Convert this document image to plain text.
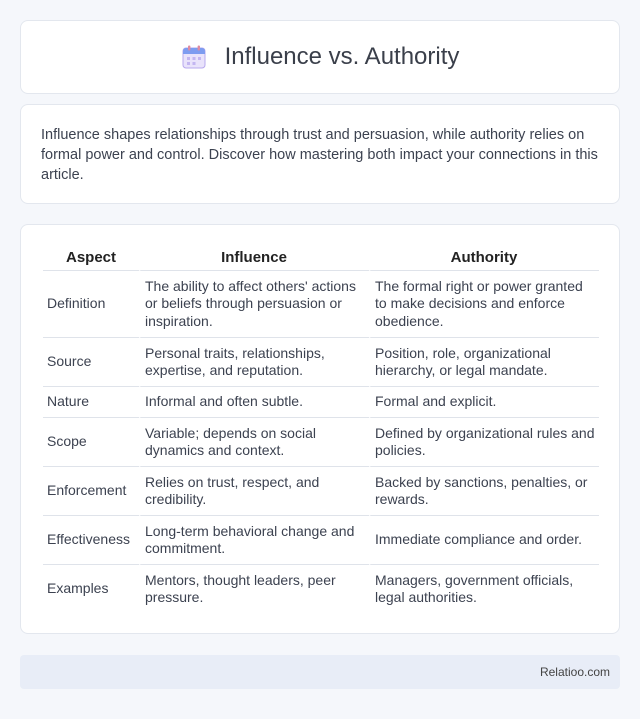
Influence vs. Authority

Influence shapes relationships through trust and persuasion, while authority relies on formal power and control. Discover how mastering both impact your connections in this article.

Aspect	Influence	Authority
Definition	The ability to affect others' actions or beliefs through persuasion or inspiration.	The formal right or power granted to make decisions and enforce obedience.
Source	Personal traits, relationships, expertise, and reputation.	Position, role, organizational hierarchy, or legal mandate.
Nature	Informal and often subtle.	Formal and explicit.
Scope	Variable; depends on social dynamics and context.	Defined by organizational rules and policies.
Enforcement	Relies on trust, respect, and credibility.	Backed by sanctions, penalties, or rewards.
Effectiveness	Long-term behavioral change and commitment.	Immediate compliance and order.
Examples	Mentors, thought leaders, peer pressure.	Managers, government officials, legal authorities.
Relatioo.com
